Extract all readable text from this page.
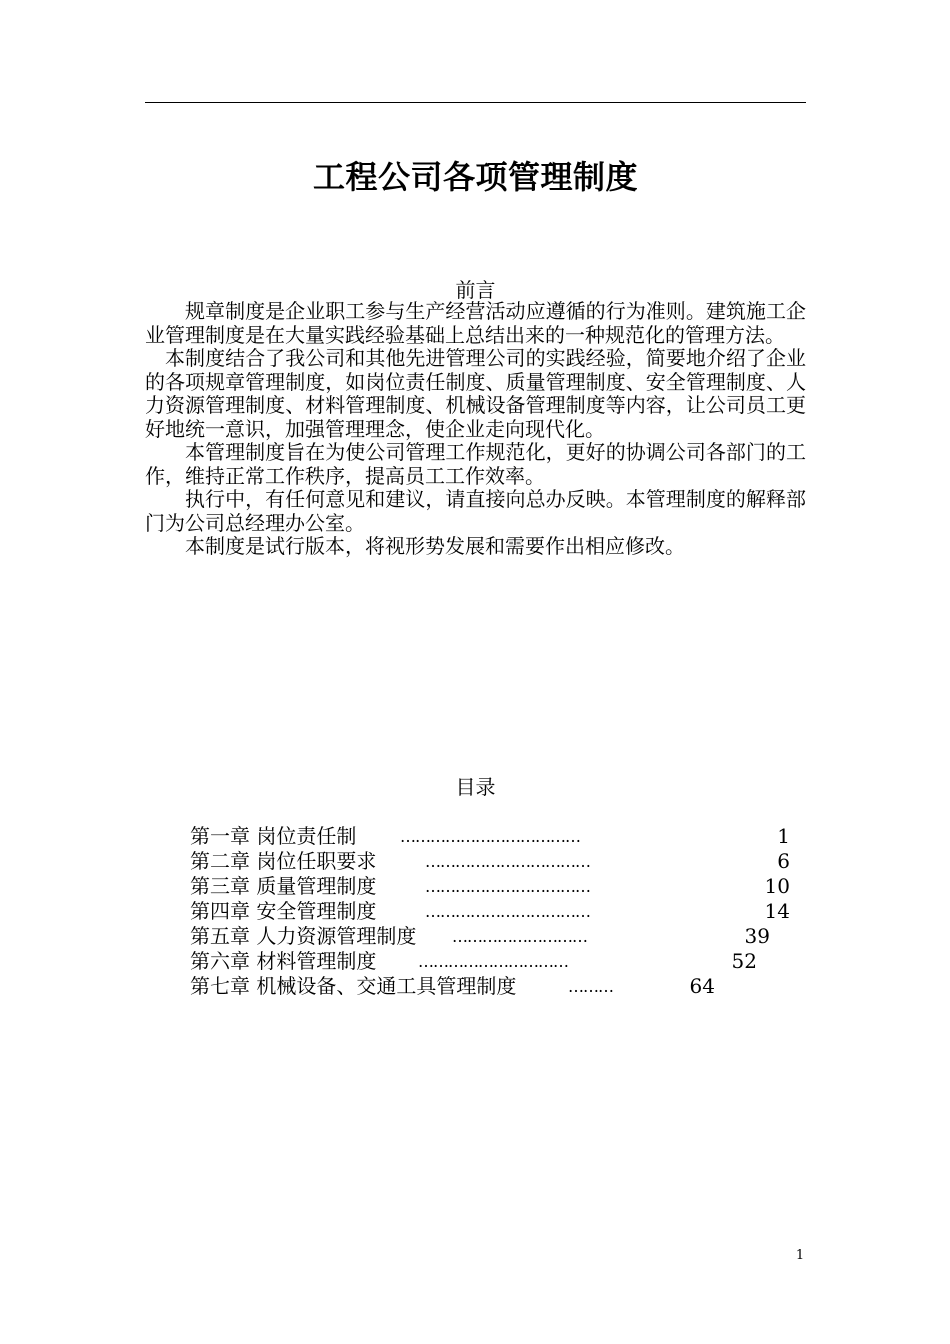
工程公司各项管理制度
前言

规章制度是企业职工参与生产经营活动应遵循的行为准则。建筑施工企业管理制度是在大量实践经验基础上总结出来的一种规范化的管理方法。

本制度结合了我公司和其他先进管理公司的实践经验，简要地介绍了企业的各项规章管理制度，如岗位责任制度、质量管理制度、安全管理制度、人力资源管理制度、材料管理制度、机械设备管理制度等内容，让公司员工更好地统一意识，加强管理理念，使企业走向现代化。

本管理制度旨在为使公司管理工作规范化，更好的协调公司各部门的工作，维持正常工作秩序，提高员工工作效率。

执行中，有任何意见和建议，请直接向总办反映。本管理制度的解释部门为公司总经理办公室。

本制度是试行版本，将视形势发展和需要作出相应修改。

目录
第一章 岗位责任制	………………………………	1
第二章 岗位任职要求	……………………………	6
第三章 质量管理制度	……………………………	10
第四章 安全管理制度	……………………………	14
第五章 人力资源管理制度 ………………………	39
第六章 材料管理制度	…………………………	52
第七章 机械设备、交通工具管理制度	………	64
1
